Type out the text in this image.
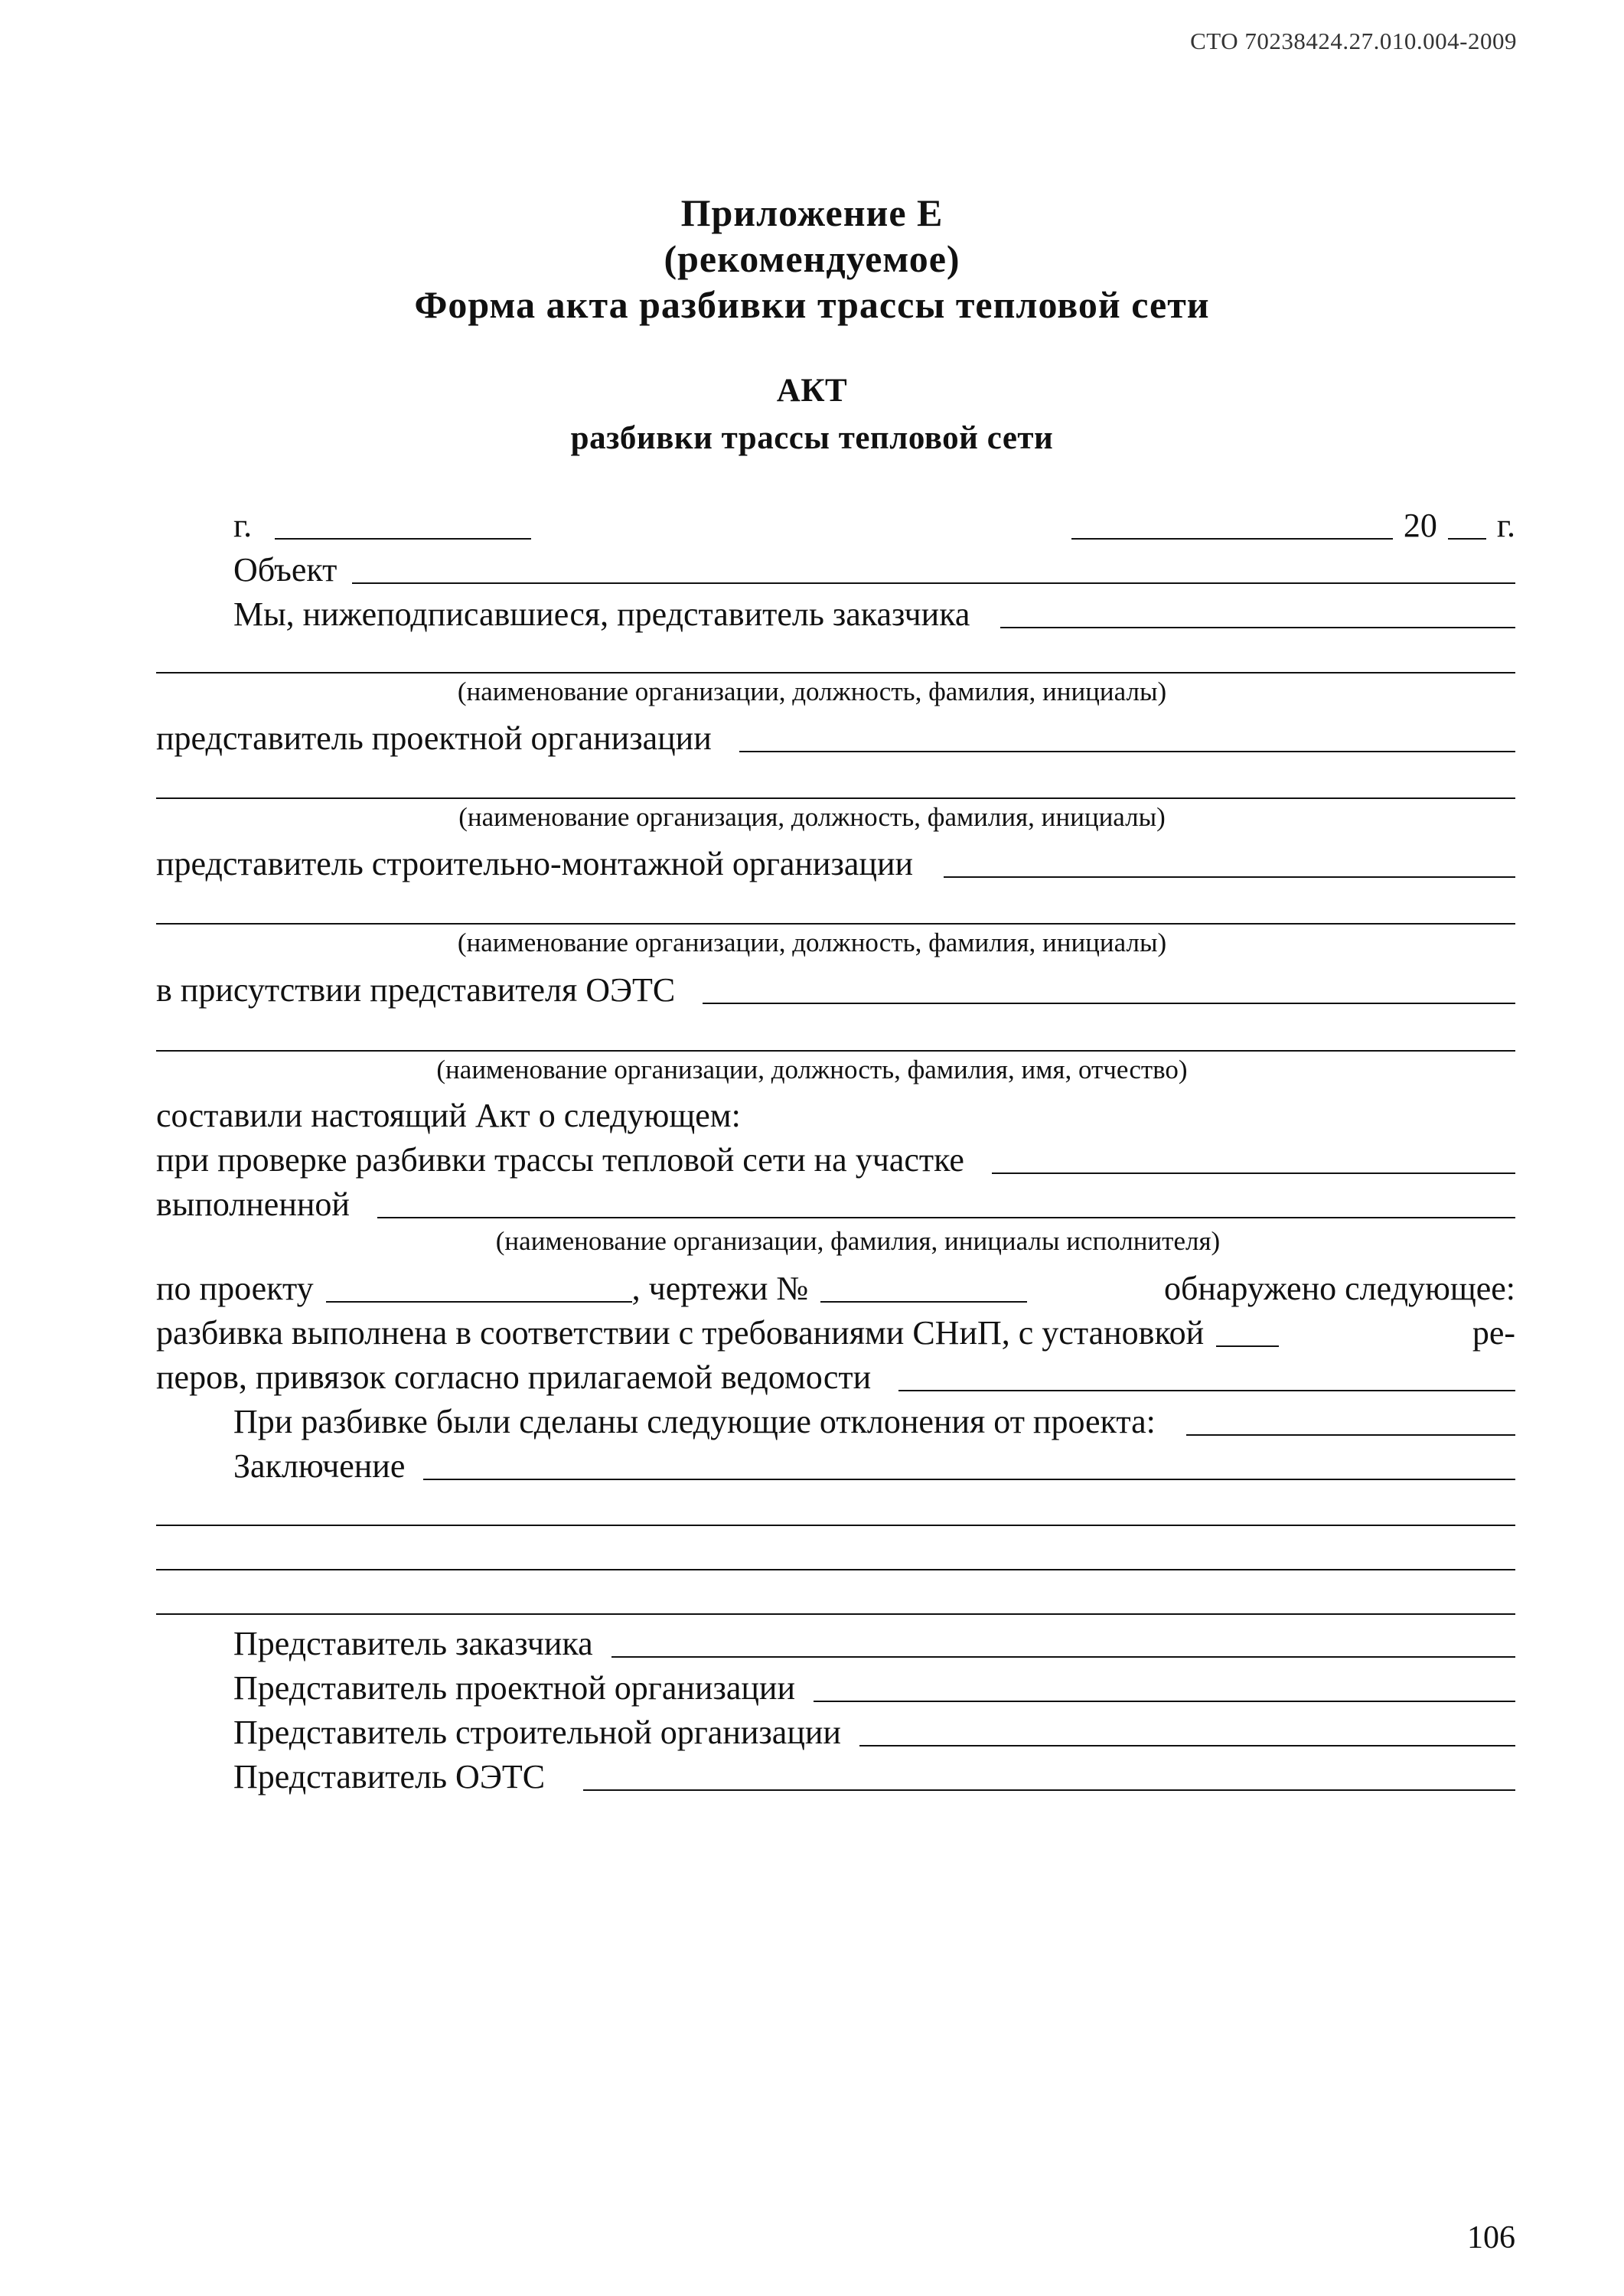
СТО 70238424.27.010.004-2009
Приложение Е
(рекомендуемое)
Форма акта разбивки трассы тепловой сети
АКТ
разбивки трассы тепловой сети
г.	20 г.
Объект
Мы, нижеподписавшиеся, представитель заказчика
(наименование организации, должность, фамилия, инициалы)
представитель проектной организации
(наименование организация, должность, фамилия, инициалы)
представитель строительно-монтажной организации
(наименование организации, должность, фамилия, инициалы)
в присутствии представителя ОЭТС
(наименование организации, должность, фамилия, имя, отчество)
составили настоящий Акт о следующем:
при проверке разбивки трассы тепловой сети на участке
выполненной
(наименование организации, фамилия, инициалы исполнителя)
по проекту	, чертежи №	обнаружено следующее:
разбивка выполнена в соответствии с требованиями СНиП, с установкой	ре-
перов, привязок согласно прилагаемой ведомости
При разбивке были сделаны следующие отклонения от проекта:
Заключение
Представитель заказчика
Представитель проектной организации
Представитель строительной организации
Представитель ОЭТС
106
